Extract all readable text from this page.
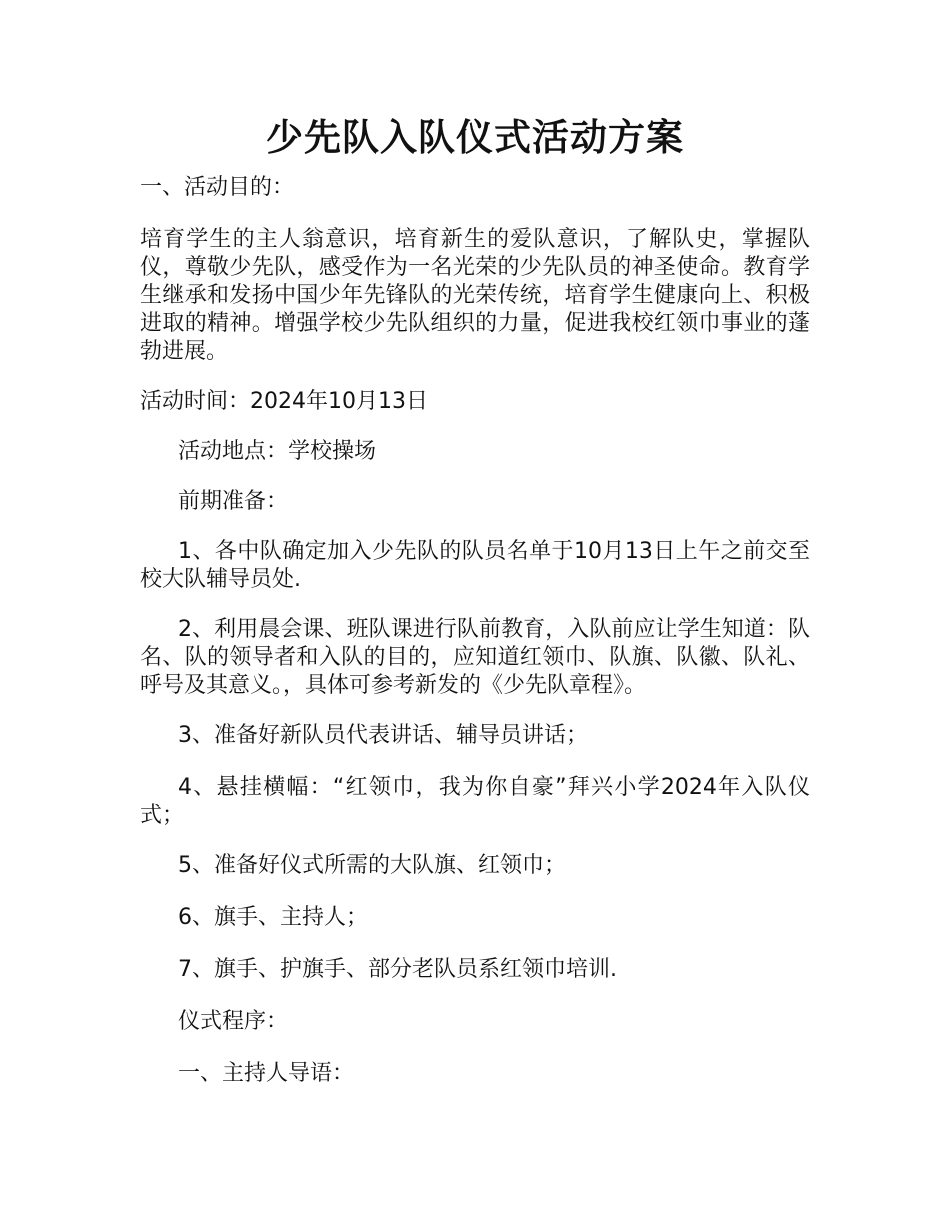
少先队入队仪式活动方案

一、活动目的：

培育学生的主人翁意识，培育新生的爱队意识，了解队史，掌握队仪，尊敬少先队，感受作为一名光荣的少先队员的神圣使命。教育学生继承和发扬中国少年先锋队的光荣传统，培育学生健康向上、积极进取的精神。增强学校少先队组织的力量，促进我校红领巾事业的蓬勃进展。

活动时间：2024年10月13日

活动地点：学校操场

前期准备：

1、各中队确定加入少先队的队员名单于10月13日上午之前交至校大队辅导员处.

2、利用晨会课、班队课进行队前教育，入队前应让学生知道：队名、队的领导者和入队的目的，应知道红领巾、队旗、队徽、队礼、呼号及其意义。，具体可参考新发的《少先队章程》。

3、准备好新队员代表讲话、辅导员讲话；

4、悬挂横幅：“红领巾，我为你自豪”拜兴小学2024年入队仪式；

5、准备好仪式所需的大队旗、红领巾；

6、旗手、主持人；

7、旗手、护旗手、部分老队员系红领巾培训.

仪式程序：

一、主持人导语：
